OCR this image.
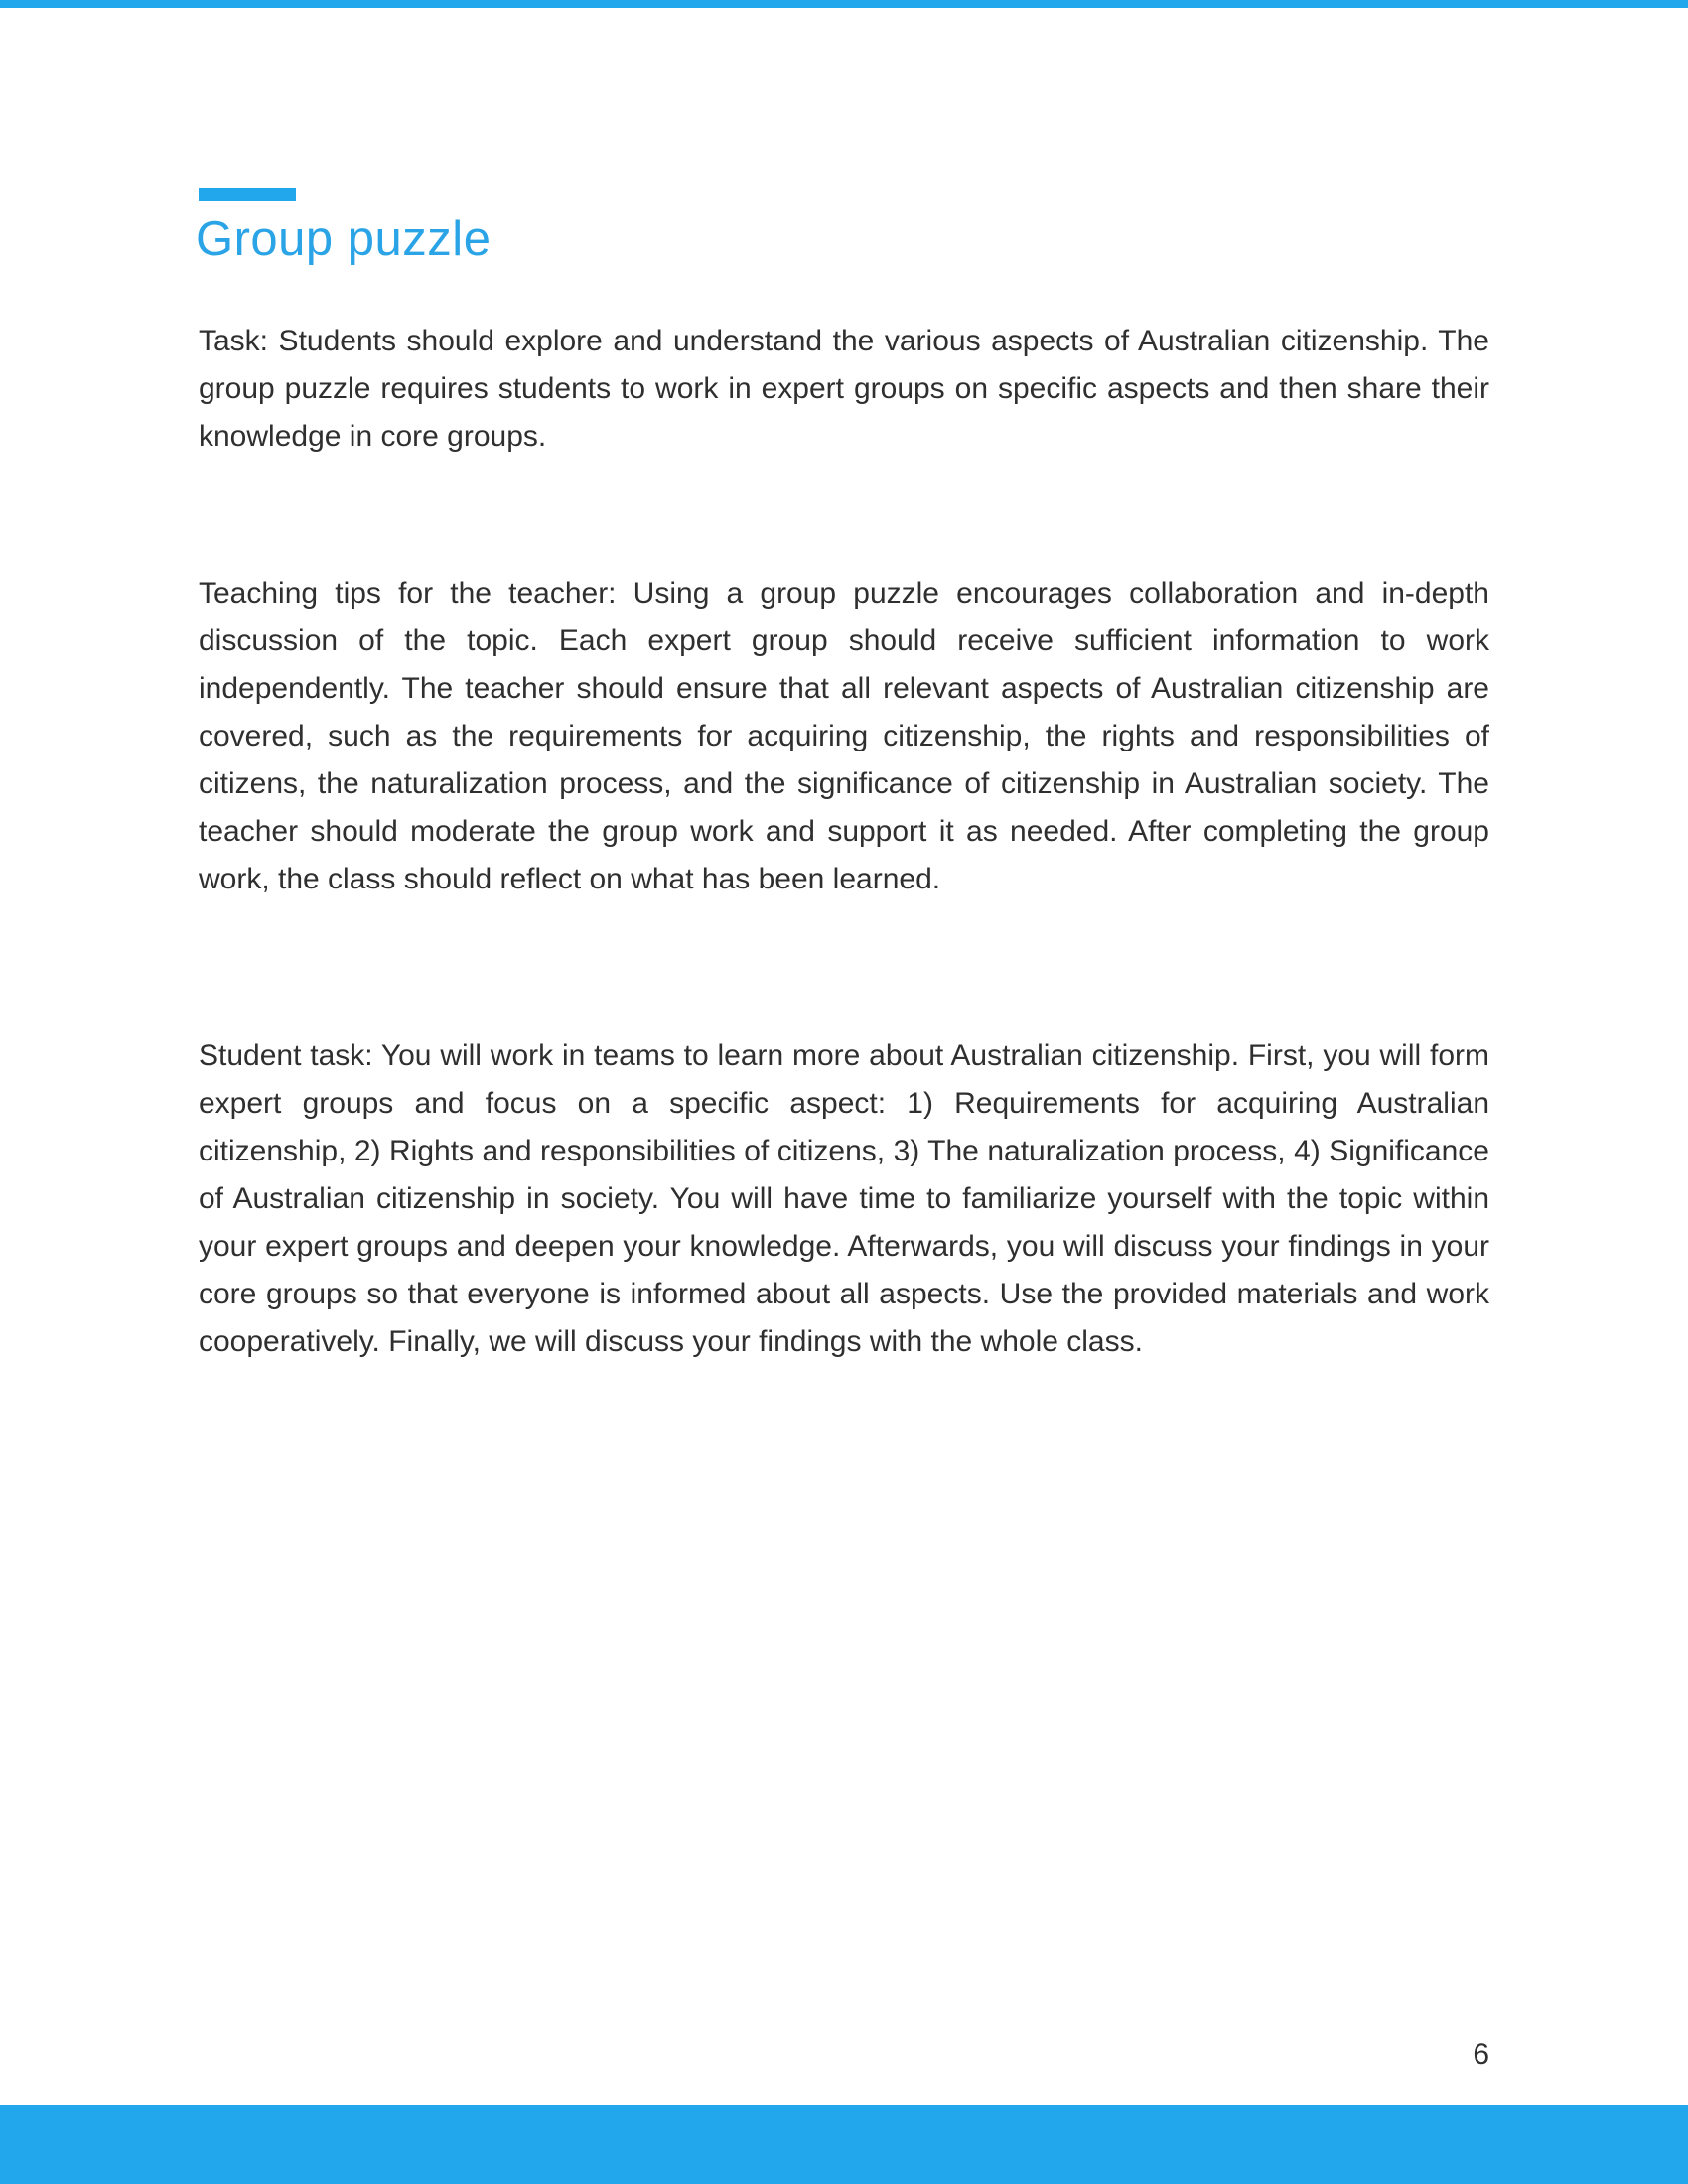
Group puzzle

Task: Students should explore and understand the various aspects of Australian citizenship. The group puzzle requires students to work in expert groups on specific aspects and then share their knowledge in core groups.

Teaching tips for the teacher: Using a group puzzle encourages collaboration and in-depth discussion of the topic. Each expert group should receive sufficient information to work independently. The teacher should ensure that all relevant aspects of Australian citizenship are covered, such as the requirements for acquiring citizenship, the rights and responsibilities of citizens, the naturalization process, and the significance of citizenship in Australian society. The teacher should moderate the group work and support it as needed. After completing the group work, the class should reflect on what has been learned.

Student task: You will work in teams to learn more about Australian citizenship. First, you will form expert groups and focus on a specific aspect: 1) Requirements for acquiring Australian citizenship, 2) Rights and responsibilities of citizens, 3) The naturalization process, 4) Significance of Australian citizenship in society. You will have time to familiarize yourself with the topic within your expert groups and deepen your knowledge. Afterwards, you will discuss your findings in your core groups so that everyone is informed about all aspects. Use the provided materials and work cooperatively. Finally, we will discuss your findings with the whole class.

6
